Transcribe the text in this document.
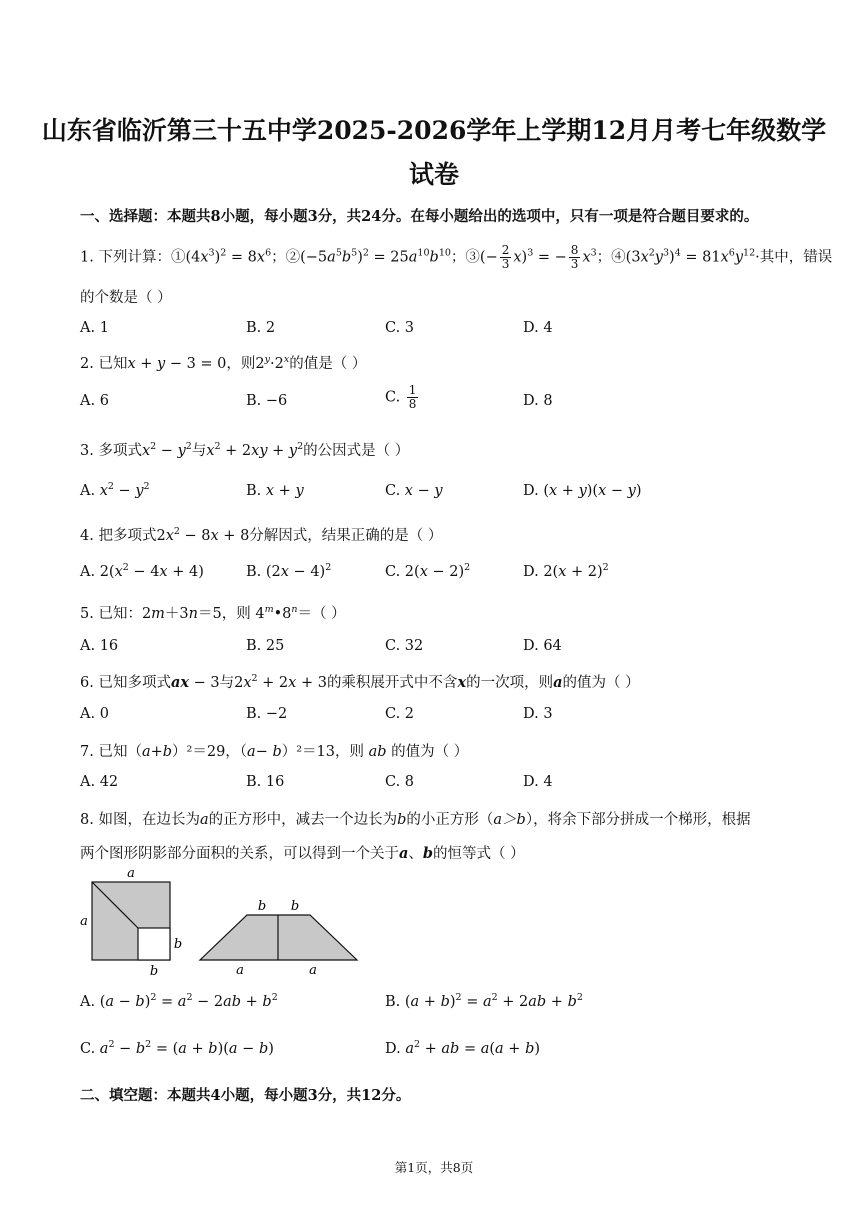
山东省临沂第三十五中学2025-2026学年上学期12月月考七年级数学
试卷
一、选择题：本题共8小题，每小题3分，共24分。在每小题给出的选项中，只有一项是符合题目要求的。
1. 下列计算：$①(4x^3)^2 = 8x^6$；$②(-5a^5b^5)^2 = 25a^{10}b^{10}$；③(− $\frac{2}{3} x)^3$ = − $\frac{8}{3} x^3$；$④(3x^2y^3)^4 = 81x^6y^{12}\cdot$其中，错误
的个数是（ ）
A. 1	B. 2	C. 3	D. 4
2. 已知x + y − 3 = 0，则$2^y\cdot 2^x$的值是（ ）
A. 6	B. −6	C. $\frac{1}{8}$	D. 8
3. 多项式$x^2 - y^2$与$x^2 + 2xy + y^2$的公因式是（ ）
A. $x^2 - y^2$	B. x + y	C. x − y	D. (x + y)(x − y)
4. 把多项式$2x^2 - 8x + 8$分解因式，结果正确的是（ ）
A. $2(x^2 - 4x + 4)$	B. $(2x - 4)^2$	C. $2(x - 2)^2$	D. $2(x + 2)^2$
5. 已知：2m＋3n＝5，则 $4^m•8^n=$（ ）
A. 16	B. 25	C. 32	D. 64
6. 已知多项式ax − 3与$2x^2 + 2x + 3$的乘积展开式中不含x的一次项，则a的值为（ ）
A. 0	B. −2	C. 2	D. 3
7. 已知（a+b）²＝29，（a− b）²＝13，则 ab 的值为（ ）
A. 42	B. 16	C. 8	D. 4
8. 如图，在边长为a的正方形中，减去一个边长为b的小正方形（a＞b），将余下部分拼成一个梯形，根据
两个图形阴影部分面积的关系，可以得到一个关于a、b的恒等式（ ）
a
a
b
b
b b
a	a
A. $(a - b)^2 = a^2 - 2ab + b^2$	B. $(a + b)^2 = a^2 + 2ab + b^2$
C. $a^2 - b^2 = (a + b)(a - b)$	D. $a^2$ + ab = a(a + b)
二、填空题：本题共4小题，每小题3分，共12分。
第1页，共8页
